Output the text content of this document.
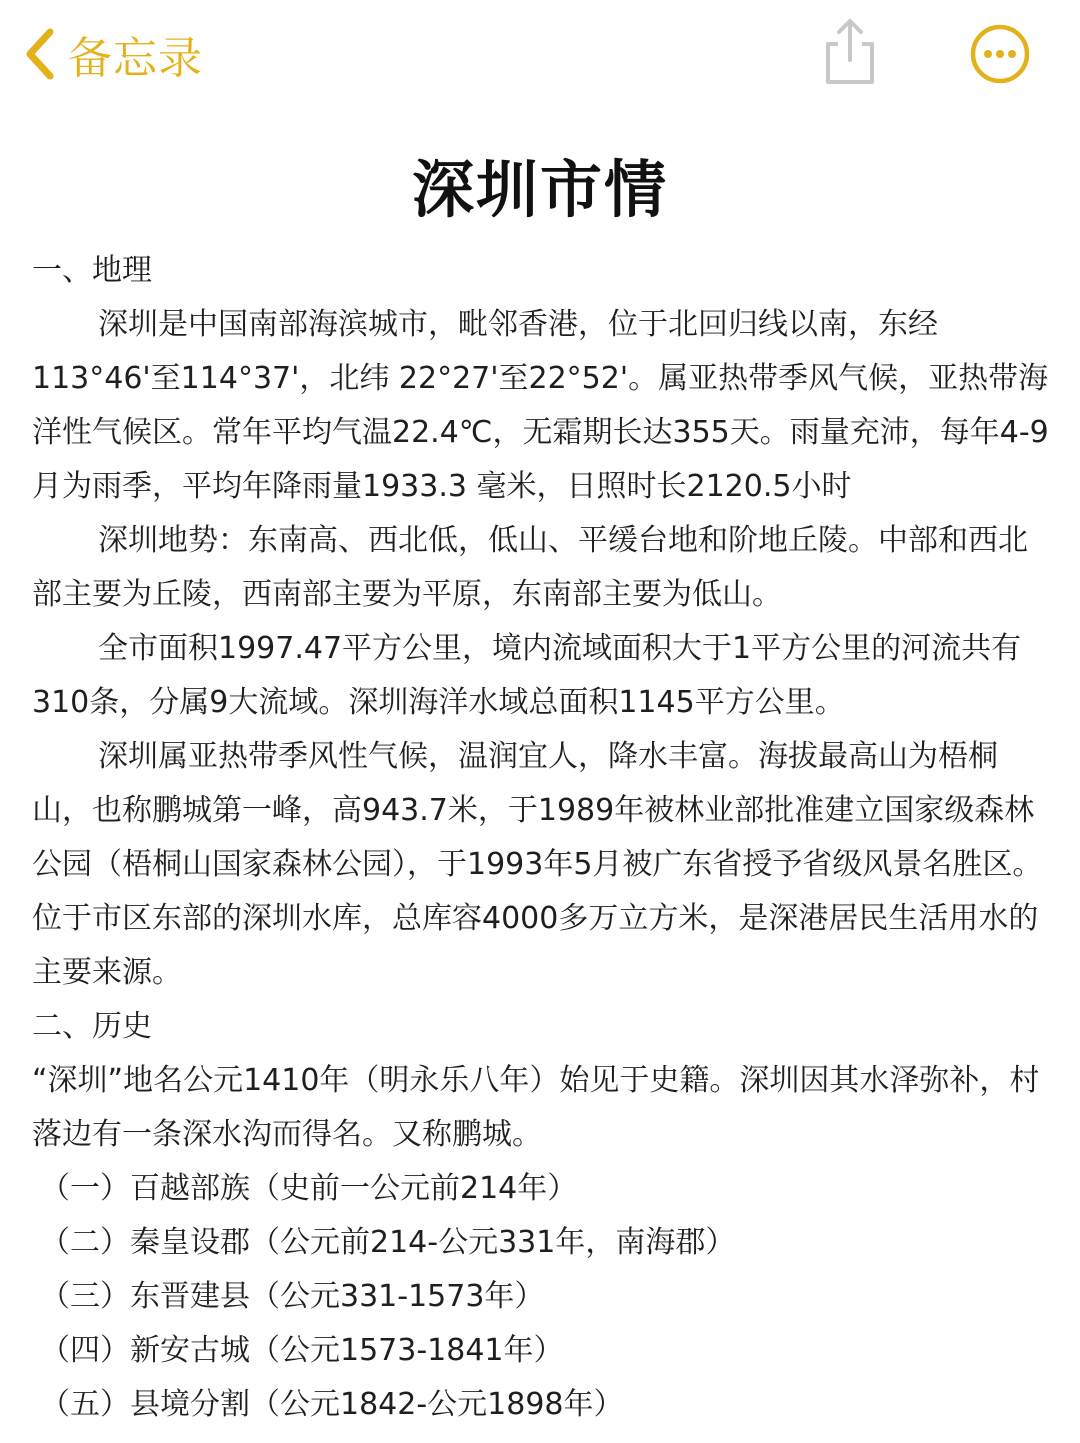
备忘录
深圳市情

一、地理

深圳是中国南部海滨城市，毗邻香港，位于北回归线以南，东经113°46'至114°37'，北纬 22°27'至22°52'。属亚热带季风气候，亚热带海洋性气候区。常年平均气温22.4℃，无霜期长达355天。雨量充沛，每年4-9月为雨季，平均年降雨量1933.3 毫米，日照时长2120.5小时

深圳地势：东南高、西北低，低山、平缓台地和阶地丘陵。中部和西北部主要为丘陵，西南部主要为平原，东南部主要为低山。

全市面积1997.47平方公里，境内流域面积大于1平方公里的河流共有310条，分属9大流域。深圳海洋水域总面积1145平方公里。

深圳属亚热带季风性气候，温润宜人，降水丰富。海拔最高山为梧桐山，也称鹏城第一峰，高943.7米，于1989年被林业部批准建立国家级森林公园（梧桐山国家森林公园），于1993年5月被广东省授予省级风景名胜区。位于市区东部的深圳水库，总库容4000多万立方米，是深港居民生活用水的主要来源。

二、历史

“深圳”地名公元1410年（明永乐八年）始见于史籍。深圳因其水泽弥补，村落边有一条深水沟而得名。又称鹏城。

（一）百越部族（史前一公元前214年）

（二）秦皇设郡（公元前214-公元331年，南海郡）

（三）东晋建县（公元331-1573年）

（四）新安古城（公元1573-1841年）

（五）县境分割（公元1842-公元1898年）
